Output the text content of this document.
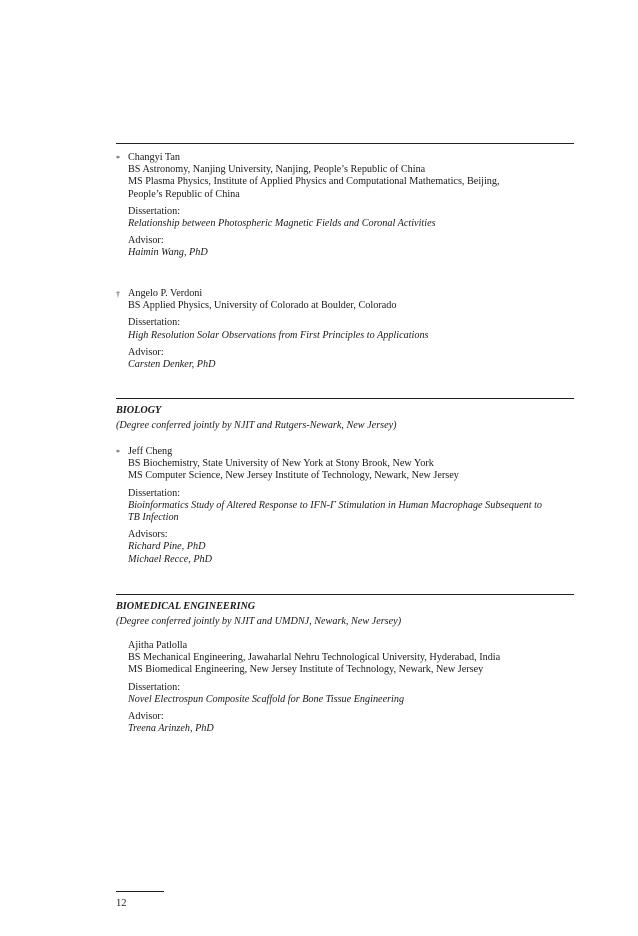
* Changyi Tan
BS Astronomy, Nanjing University, Nanjing, People’s Republic of China
MS Plasma Physics, Institute of Applied Physics and Computational Mathematics, Beijing,
People’s Republic of China
Dissertation:
Relationship between Photospheric Magnetic Fields and Coronal Activities
Advisor:
Haimin Wang, PhD
† Angelo P. Verdoni
BS Applied Physics, University of Colorado at Boulder, Colorado
Dissertation:
High Resolution Solar Observations from First Principles to Applications
Advisor:
Carsten Denker, PhD
BIOLOGY
(Degree conferred jointly by NJIT and Rutgers-Newark, New Jersey)
* Jeff Cheng
BS Biochemistry, State University of New York at Stony Brook, New York
MS Computer Science, New Jersey Institute of Technology, Newark, New Jersey
Dissertation:
Bioinformatics Study of Altered Response to IFN-Γ Stimulation in Human Macrophage Subsequent to
TB Infection
Advisors:
Richard Pine, PhD
Michael Recce, PhD
BIOMEDICAL ENGINEERING
(Degree conferred jointly by NJIT and UMDNJ, Newark, New Jersey)
Ajitha Patlolla
BS Mechanical Engineering, Jawaharlal Nehru Technological University, Hyderabad, India
MS Biomedical Engineering, New Jersey Institute of Technology, Newark, New Jersey
Dissertation:
Novel Electrospun Composite Scaffold for Bone Tissue Engineering
Advisor:
Treena Arinzeh, PhD
12
